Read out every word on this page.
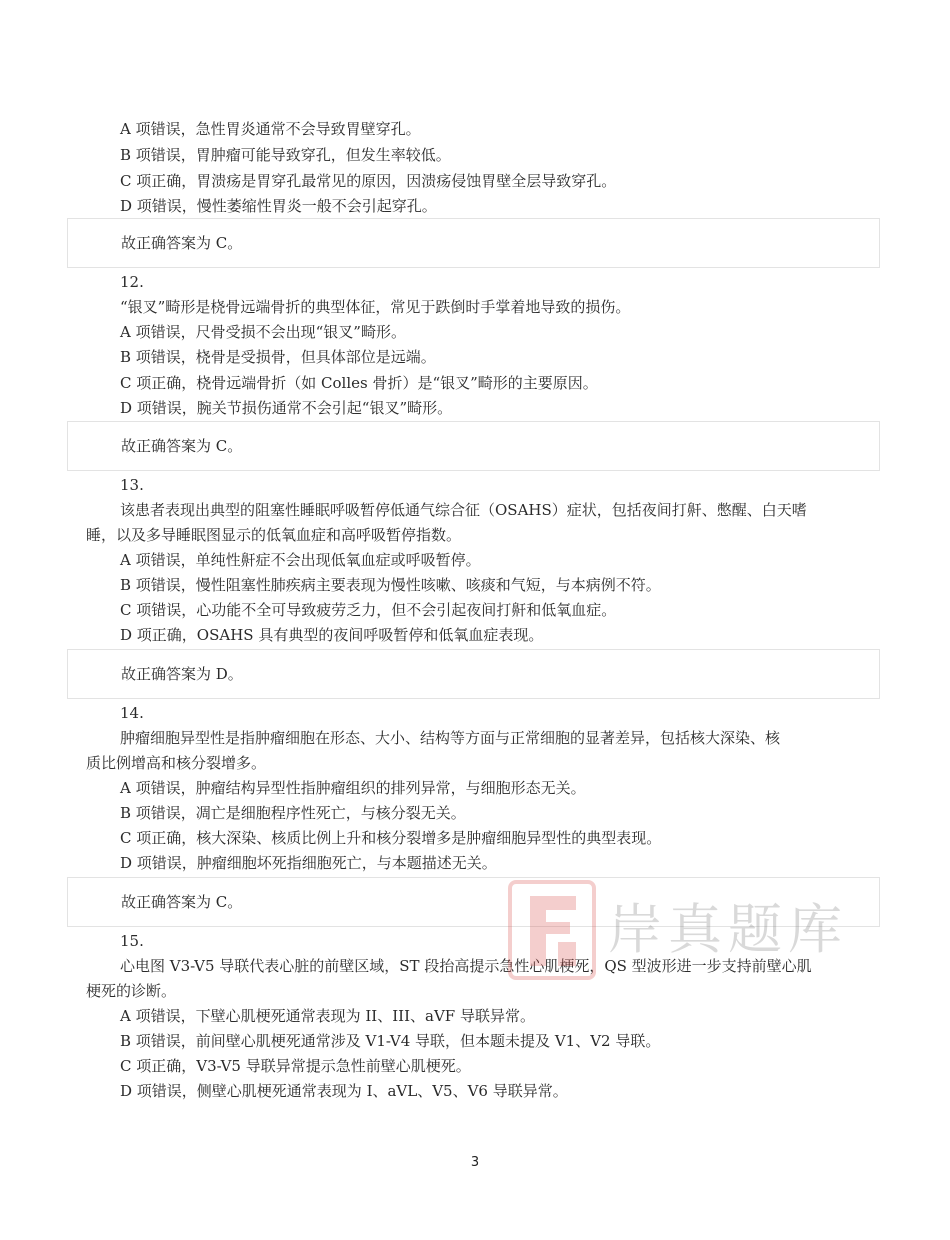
A 项错误，急性胃炎通常不会导致胃壁穿孔。
B 项错误，胃肿瘤可能导致穿孔，但发生率较低。
C 项正确，胃溃疡是胃穿孔最常见的原因，因溃疡侵蚀胃壁全层导致穿孔。
D 项错误，慢性萎缩性胃炎一般不会引起穿孔。
故正确答案为 C。
12.
“银叉”畸形是桡骨远端骨折的典型体征，常见于跌倒时手掌着地导致的损伤。
A 项错误，尺骨受损不会出现“银叉”畸形。
B 项错误，桡骨是受损骨，但具体部位是远端。
C 项正确，桡骨远端骨折（如 Colles 骨折）是“银叉”畸形的主要原因。
D 项错误，腕关节损伤通常不会引起“银叉”畸形。
故正确答案为 C。
13.
该患者表现出典型的阻塞性睡眠呼吸暂停低通气综合征（OSAHS）症状，包括夜间打鼾、憋醒、白天嗜
睡，以及多导睡眠图显示的低氧血症和高呼吸暂停指数。
A 项错误，单纯性鼾症不会出现低氧血症或呼吸暂停。
B 项错误，慢性阻塞性肺疾病主要表现为慢性咳嗽、咳痰和气短，与本病例不符。
C 项错误，心功能不全可导致疲劳乏力，但不会引起夜间打鼾和低氧血症。
D 项正确，OSAHS 具有典型的夜间呼吸暂停和低氧血症表现。
故正确答案为 D。
14.
肿瘤细胞异型性是指肿瘤细胞在形态、大小、结构等方面与正常细胞的显著差异，包括核大深染、核
质比例增高和核分裂增多。
A 项错误，肿瘤结构异型性指肿瘤组织的排列异常，与细胞形态无关。
B 项错误，凋亡是细胞程序性死亡，与核分裂无关。
C 项正确，核大深染、核质比例上升和核分裂增多是肿瘤细胞异型性的典型表现。
D 项错误，肿瘤细胞坏死指细胞死亡，与本题描述无关。
故正确答案为 C。
15.
心电图 V3-V5 导联代表心脏的前壁区域，ST 段抬高提示急性心肌梗死，QS 型波形进一步支持前壁心肌
梗死的诊断。
A 项错误，下壁心肌梗死通常表现为 II、III、aVF 导联异常。
B 项错误，前间壁心肌梗死通常涉及 V1-V4 导联，但本题未提及 V1、V2 导联。
C 项正确，V3-V5 导联异常提示急性前壁心肌梗死。
D 项错误，侧壁心肌梗死通常表现为 I、aVL、V5、V6 导联异常。
岸真题库
3
